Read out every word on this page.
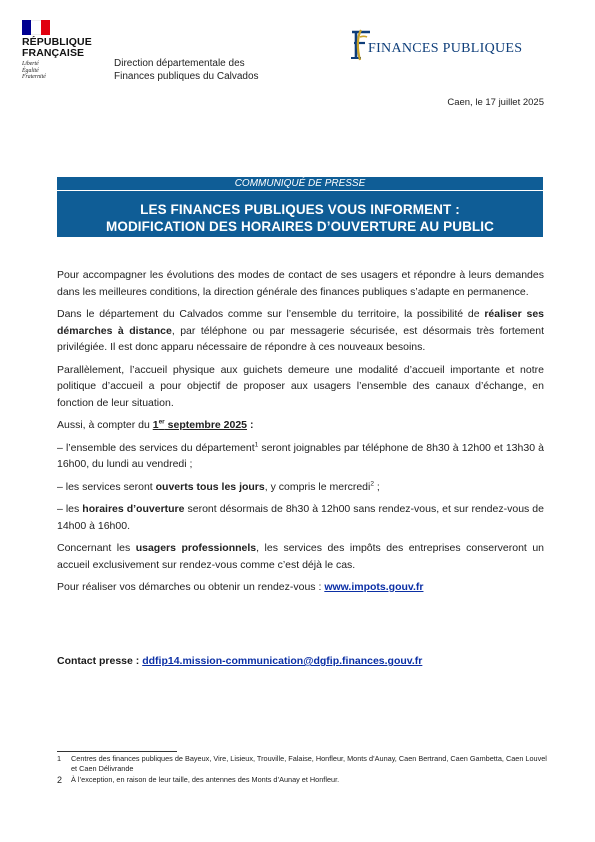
RÉPUBLIQUE
FRANÇAISE
Liberté
Égalité
Fraternité
Direction départementale des
Finances publiques du Calvados
FINANCES PUBLIQUES
Caen, le 17 juillet 2025
COMMUNIQUÉ DE PRESSE
LES FINANCES PUBLIQUES VOUS INFORMENT :
MODIFICATION DES HORAIRES D’OUVERTURE AU PUBLIC

Pour accompagner les évolutions des modes de contact de ses usagers et répondre à leurs demandes dans les meilleures conditions, la direction générale des finances publiques s’adapte en permanence.

Dans le département du Calvados comme sur l’ensemble du territoire, la possibilité de réaliser ses démarches à distance, par téléphone ou par messagerie sécurisée, est désormais très fortement privilégiée. Il est donc apparu nécessaire de répondre à ces nouveaux besoins.

Parallèlement, l’accueil physique aux guichets demeure une modalité d’accueil importante et notre politique d’accueil a pour objectif de proposer aux usagers l’ensemble des canaux d’échange, en fonction de leur situation.

Aussi, à compter du 1er septembre 2025 :

– l’ensemble des services du département$^1$ seront joignables par téléphone de 8h30 à 12h00 et 13h30 à 16h00, du lundi au vendredi ;

– les services seront ouverts tous les jours, y compris le mercredi$^2$ ;

– les horaires d’ouverture seront désormais de 8h30 à 12h00 sans rendez-vous, et sur rendez-vous de 14h00 à 16h00.

Concernant les usagers professionnels, les services des impôts des entreprises conserveront un accueil exclusivement sur rendez-vous comme c’est déjà le cas.

Pour réaliser vos démarches ou obtenir un rendez-vous : www.impots.gouv.fr

Contact presse : ddfip14.mission-communication@dgfip.finances.gouv.fr
1	Centres des finances publiques de Bayeux, Vire, Lisieux, Trouville, Falaise, Honfleur, Monts d’Aunay, Caen Bertrand, Caen Gambetta, Caen Louvel et Caen Délivrande
2	À l’exception, en raison de leur taille, des antennes des Monts d’Aunay et Honfleur.
